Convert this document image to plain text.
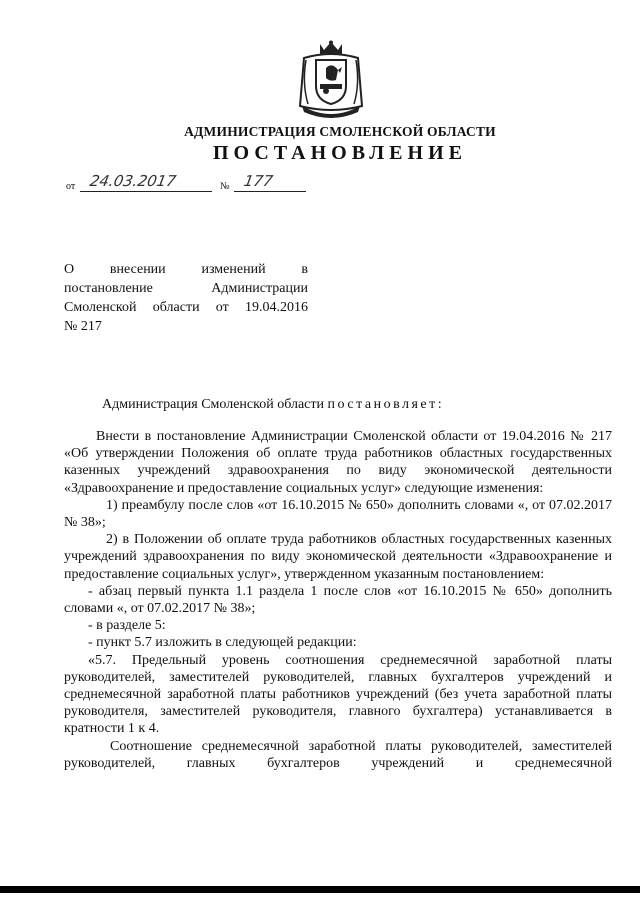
АДМИНИСТРАЦИЯ СМОЛЕНСКОЙ ОБЛАСТИ
ПОСТАНОВЛЕНИЕ
от 24.03.2017	№ 177
О внесении изменений в
постановление Администрации
Смоленской области от 19.04.2016
№ 217
Администрация Смоленской области постановляет:

Внести в постановление Администрации Смоленской области от 19.04.2016 № 217 «Об утверждении Положения об оплате труда работников областных государственных казенных учреждений здравоохранения по виду экономической деятельности «Здравоохранение и предоставление социальных услуг» следующие изменения:

1) преамбулу после слов «от 16.10.2015 № 650» дополнить словами «, от 07.02.2017 № 38»;

2) в Положении об оплате труда работников областных государственных казенных учреждений здравоохранения по виду экономической деятельности «Здравоохранение и предоставление социальных услуг», утвержденном указанным постановлением:

- абзац первый пункта 1.1 раздела 1 после слов «от 16.10.2015 № 650» дополнить словами «, от 07.02.2017 № 38»;

- в разделе 5:

- пункт 5.7 изложить в следующей редакции:

«5.7. Предельный уровень соотношения среднемесячной заработной платы руководителей, заместителей руководителей, главных бухгалтеров учреждений и среднемесячной заработной платы работников учреждений (без учета заработной платы руководителя, заместителей руководителя, главного бухгалтера) устанавливается в кратности 1 к 4.

Соотношение среднемесячной заработной платы руководителей, заместителей руководителей, главных бухгалтеров учреждений и среднемесячной
